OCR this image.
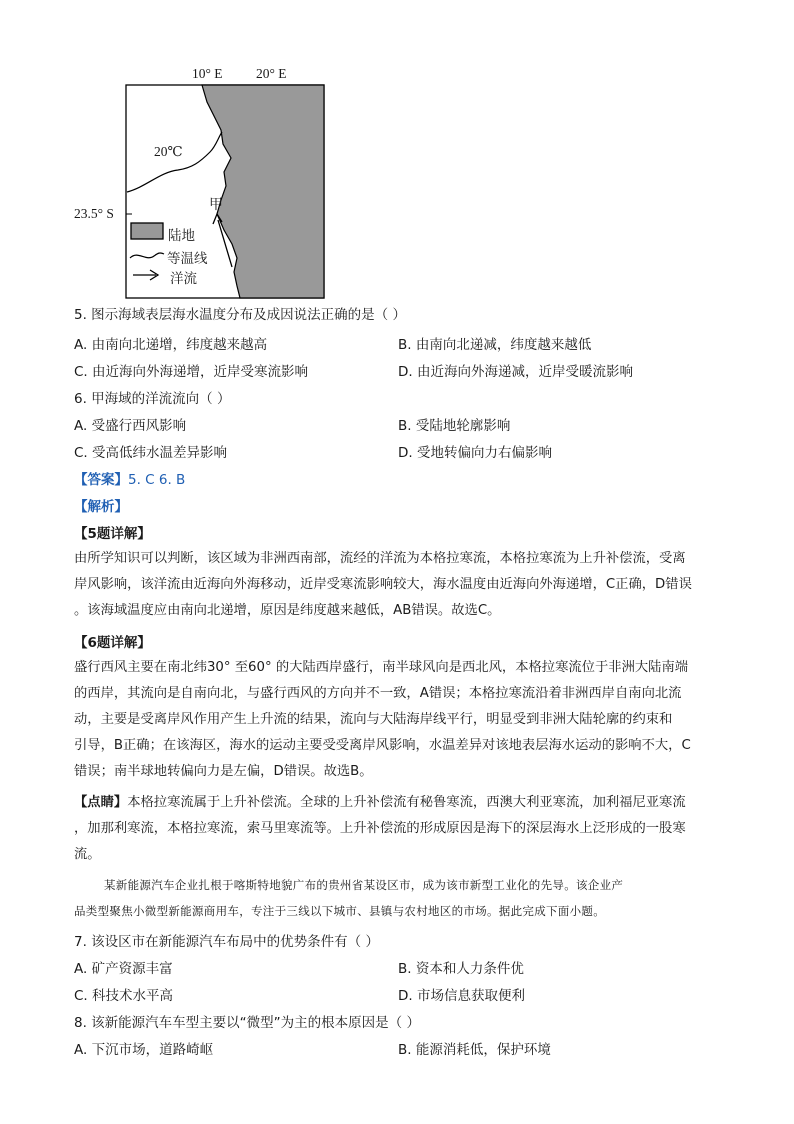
10° E 20° E
20℃
23.5° S
甲
陆地
等温线
洋流
5. 图示海域表层海水温度分布及成因说法正确的是（ ）
A. 由南向北递增，纬度越来越高	B. 由南向北递减，纬度越来越低
C. 由近海向外海递增，近岸受寒流影响	D. 由近海向外海递减，近岸受暖流影响
6. 甲海域的洋流流向（ ）
A. 受盛行西风影响	B. 受陆地轮廓影响
C. 受高低纬水温差异影响	D. 受地转偏向力右偏影响
【答案】5. C 6. B
【解析】
【5题详解】
由所学知识可以判断，该区域为非洲西南部，流经的洋流为本格拉寒流，本格拉寒流为上升补偿流，受离
岸风影响，该洋流由近海向外海移动，近岸受寒流影响较大，海水温度由近海向外海递增，C正确，D错误
。该海域温度应由南向北递增，原因是纬度越来越低，AB错误。故选C。
【6题详解】
盛行西风主要在南北纬30° 至60° 的大陆西岸盛行，南半球风向是西北风，本格拉寒流位于非洲大陆南端
的西岸，其流向是自南向北，与盛行西风的方向并不一致，A错误；本格拉寒流沿着非洲西岸自南向北流
动，主要是受离岸风作用产生上升流的结果，流向与大陆海岸线平行，明显受到非洲大陆轮廓的约束和
引导，B正确；在该海区，海水的运动主要受受离岸风影响，水温差异对该地表层海水运动的影响不大，C
错误；南半球地转偏向力是左偏，D错误。故选B。
【点睛】本格拉寒流属于上升补偿流。全球的上升补偿流有秘鲁寒流，西澳大利亚寒流，加利福尼亚寒流
，加那利寒流，本格拉寒流，索马里寒流等。上升补偿流的形成原因是海下的深层海水上泛形成的一股寒
流。
某新能源汽车企业扎根于喀斯特地貌广布的贵州省某设区市，成为该市新型工业化的先导。该企业产
品类型聚焦小微型新能源商用车，专注于三线以下城市、县镇与农村地区的市场。据此完成下面小题。
7. 该设区市在新能源汽车布局中的优势条件有（ ）
A. 矿产资源丰富	B. 资本和人力条件优
C. 科技术水平高	D. 市场信息获取便利
8. 该新能源汽车车型主要以“微型”为主的根本原因是（ ）
A. 下沉市场，道路崎岖	B. 能源消耗低，保护环境
